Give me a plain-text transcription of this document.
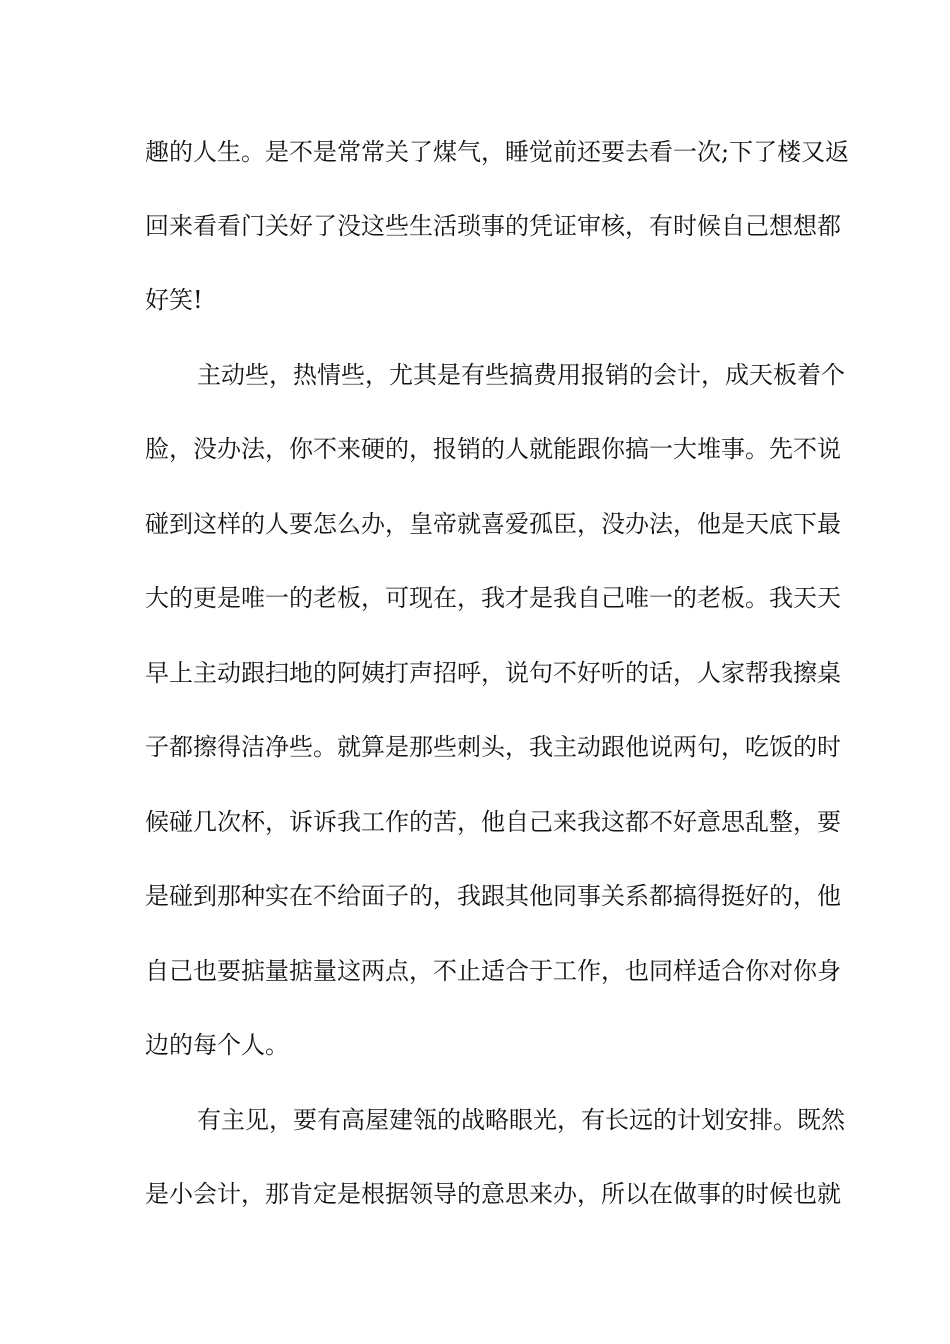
趣的人生。是不是常常关了煤气，睡觉前还要去看一次;下了楼又返
回来看看门关好了没这些生活琐事的凭证审核，有时候自己想想都
好笑!
主动些，热情些，尤其是有些搞费用报销的会计，成天板着个
脸，没办法，你不来硬的，报销的人就能跟你搞一大堆事。先不说
碰到这样的人要怎么办，皇帝就喜爱孤臣，没办法，他是天底下最
大的更是唯一的老板，可现在，我才是我自己唯一的老板。我天天
早上主动跟扫地的阿姨打声招呼，说句不好听的话，人家帮我擦桌
子都擦得洁净些。就算是那些刺头，我主动跟他说两句，吃饭的时
候碰几次杯，诉诉我工作的苦，他自己来我这都不好意思乱整，要
是碰到那种实在不给面子的，我跟其他同事关系都搞得挺好的，他
自己也要掂量掂量这两点，不止适合于工作，也同样适合你对你身
边的每个人。
有主见，要有高屋建瓴的战略眼光，有长远的计划安排。既然
是小会计，那肯定是根据领导的意思来办，所以在做事的时候也就
